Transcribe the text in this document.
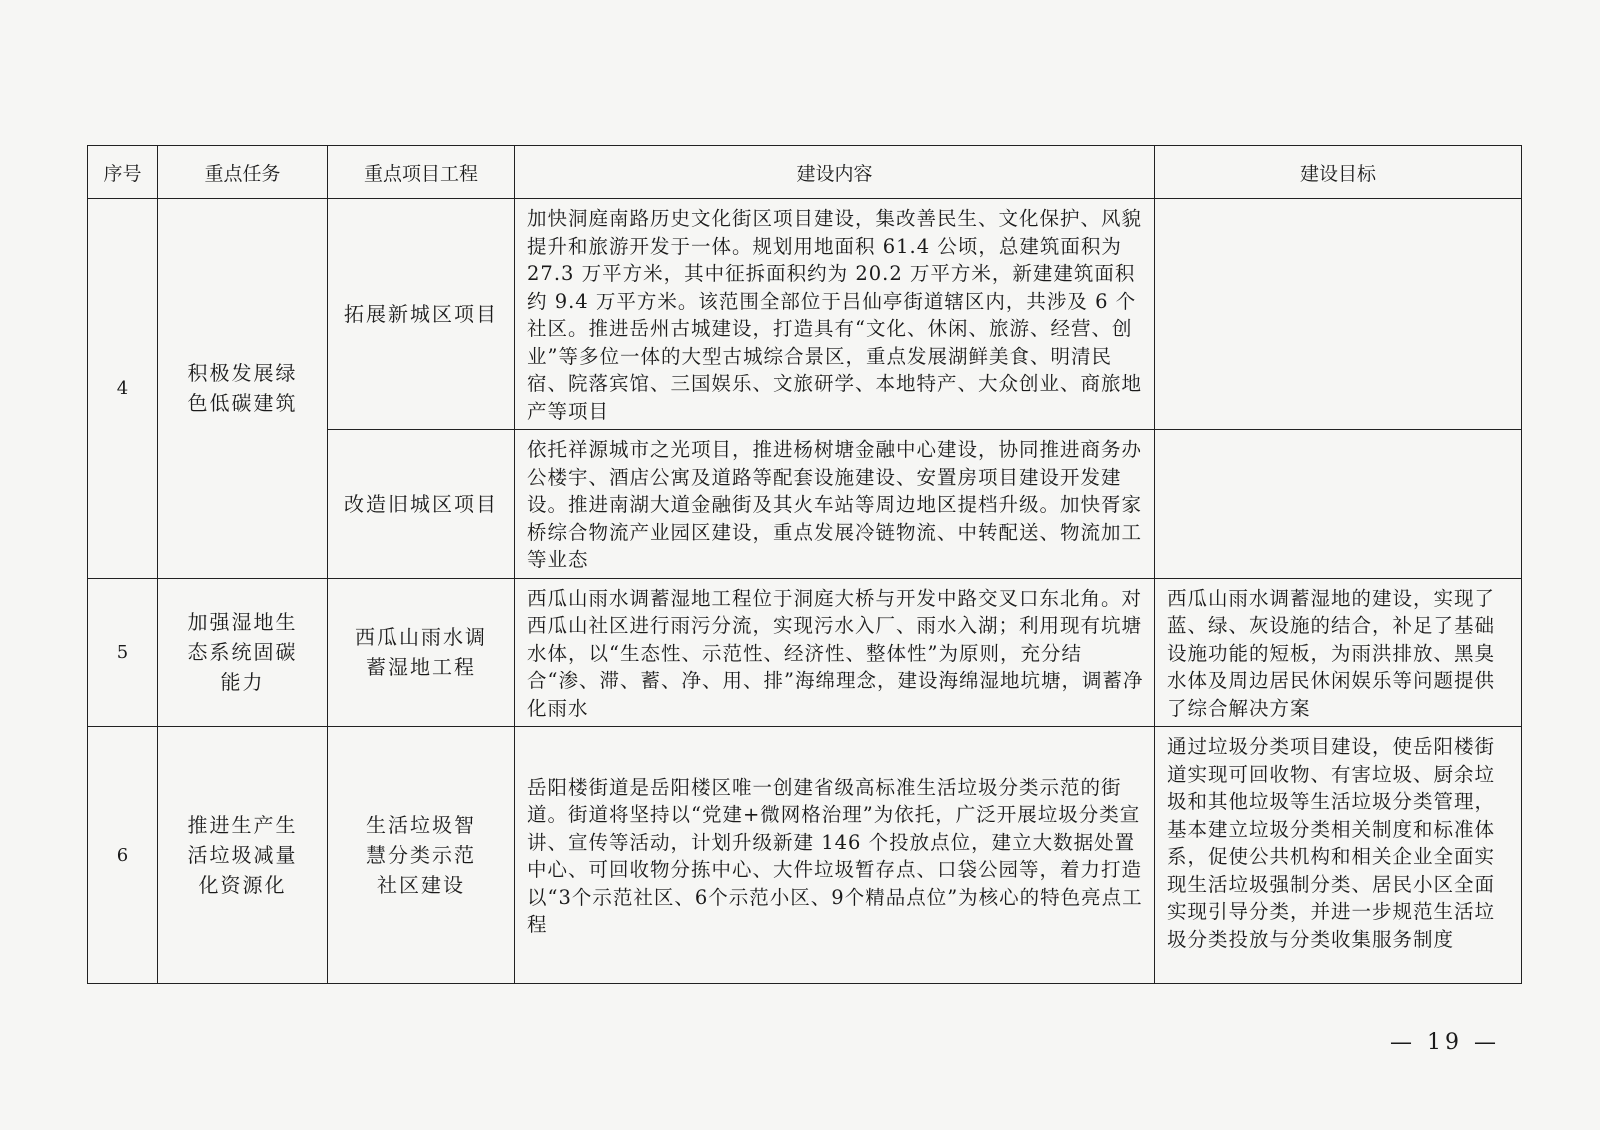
序号	重点任务	重点项目工程	建设内容	建设目标
4	积极发展绿色低碳建筑	拓展新城区项目	加快洞庭南路历史文化街区项目建设，集改善民生、文化保护、风貌提升和旅游开发于一体。规划用地面积 61.4 公顷，总建筑面积为 27.3 万平方米，其中征拆面积约为 20.2 万平方米，新建建筑面积约 9.4 万平方米。该范围全部位于吕仙亭街道辖区内，共涉及 6 个社区。推进岳州古城建设，打造具有“文化、休闲、旅游、经营、创业”等多位一体的大型古城综合景区，重点发展湖鲜美食、明清民宿、院落宾馆、三国娱乐、文旅研学、本地特产、大众创业、商旅地产等项目	
		改造旧城区项目	依托祥源城市之光项目，推进杨树塘金融中心建设，协同推进商务办公楼宇、酒店公寓及道路等配套设施建设、安置房项目建设开发建设。推进南湖大道金融街及其火车站等周边地区提档升级。加快胥家桥综合物流产业园区建设，重点发展冷链物流、中转配送、物流加工等业态	
5	加强湿地生态系统固碳能力	西瓜山雨水调蓄湿地工程	西瓜山雨水调蓄湿地工程位于洞庭大桥与开发中路交叉口东北角。对西瓜山社区进行雨污分流，实现污水入厂、雨水入湖；利用现有坑塘水体，以“生态性、示范性、经济性、整体性”为原则，充分结合“渗、滞、蓄、净、用、排”海绵理念，建设海绵湿地坑塘，调蓄净化雨水	西瓜山雨水调蓄湿地的建设，实现了蓝、绿、灰设施的结合，补足了基础设施功能的短板，为雨洪排放、黑臭水体及周边居民休闲娱乐等问题提供了综合解决方案
6	推进生产生活垃圾减量化资源化	生活垃圾智慧分类示范社区建设	岳阳楼街道是岳阳楼区唯一创建省级高标准生活垃圾分类示范的街道。街道将坚持以“党建+微网格治理”为依托，广泛开展垃圾分类宣讲、宣传等活动，计划升级新建 146 个投放点位，建立大数据处置中心、可回收物分拣中心、大件垃圾暂存点、口袋公园等，着力打造以“3个示范社区、6个示范小区、9个精品点位”为核心的特色亮点工程	通过垃圾分类项目建设，使岳阳楼街道实现可回收物、有害垃圾、厨余垃圾和其他垃圾等生活垃圾分类管理，基本建立垃圾分类相关制度和标准体系，促使公共机构和相关企业全面实现生活垃圾强制分类、居民小区全面实现引导分类，并进一步规范生活垃圾分类投放与分类收集服务制度
— 19 —
